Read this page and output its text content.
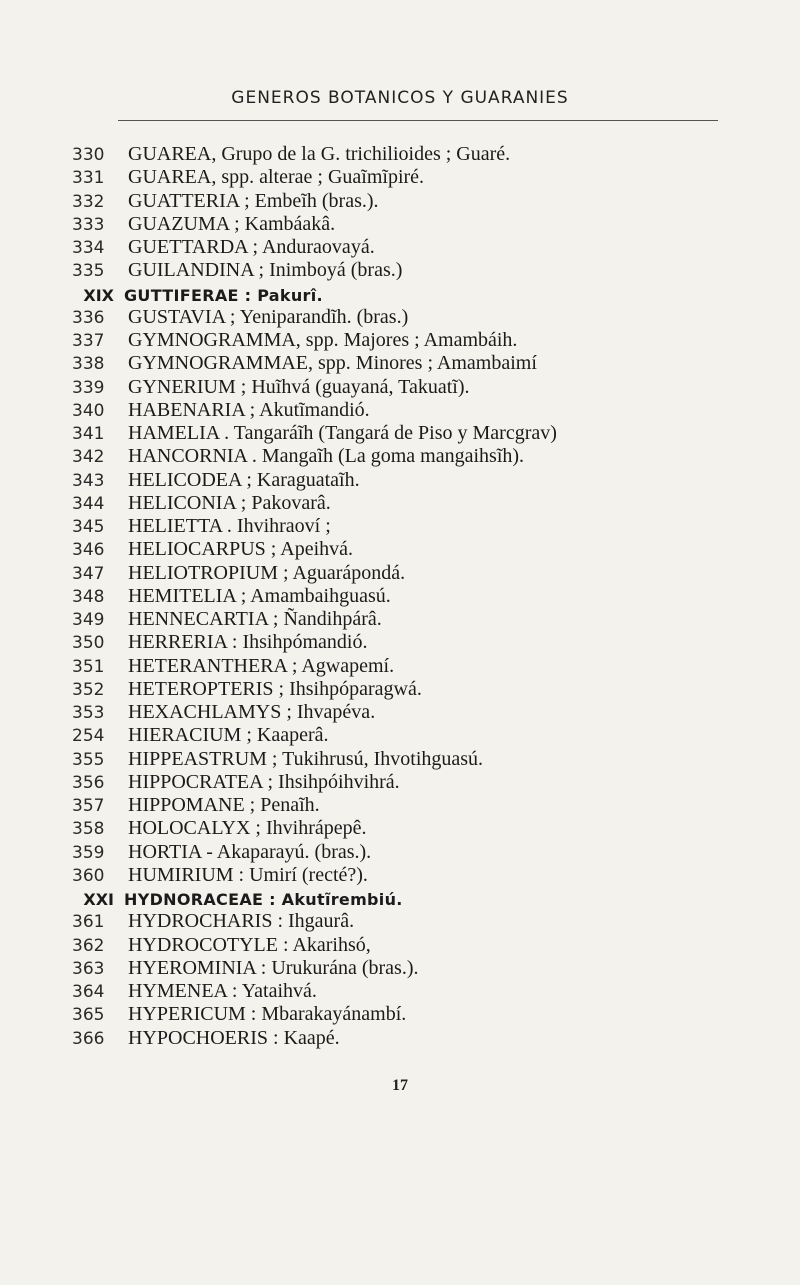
GENEROS BOTANICOS Y GUARANIES
330 GUAREA, Grupo de la G. trichilioides ; Guaré.
331 GUAREA, spp. alterae ; Guaĩmĩpiré.
332 GUATTERIA ; Embeĩh (bras.).
333 GUAZUMA ; Kambáakâ.
334 GUETTARDA ; Anduraovayá.
335 GUILANDINA ; Inimboyá (bras.)
XIX GUTTIFERAE : Pakurî.
336 GUSTAVIA ; Yeniparandĩh. (bras.)
337 GYMNOGRAMMA, spp. Majores ; Amambáih.
338 GYMNOGRAMMAE, spp. Minores ; Amambaimí
339 GYNERIUM ; Huĩhvá (guayaná, Takuatĩ).
340 HABENARIA ; Akutĩmandió.
341 HAMELIA . Tangaráĩh (Tangará de Piso y Marcgrav)
342 HANCORNIA . Mangaĩh (La goma mangaihsĩh).
343 HELICODEA ; Karaguataĩh.
344 HELICONIA ; Pakovarâ.
345 HELIETTA . Ihvihraoví ;
346 HELIOCARPUS ; Apeihvá.
347 HELIOTROPIUM ; Aguarápondá.
348 HEMITELIA ; Amambaihguasú.
349 HENNECARTIA ; Ñandihpárâ.
350 HERRERIA : Ihsihpómandió.
351 HETERANTHERA ; Agwapemí.
352 HETEROPTERIS ; Ihsihpóparagwá.
353 HEXACHLAMYS ; Ihvapéva.
254 HIERACIUM ; Kaaperâ.
355 HIPPEASTRUM ; Tukihrusú, Ihvotihguasú.
356 HIPPOCRATEA ; Ihsihpóihvihrá.
357 HIPPOMANE ; Penaĩh.
358 HOLOCALYX ; Ihvihrápepê.
359 HORTIA - Akaparayú. (bras.).
360 HUMIRIUM : Umirí (recté?).
XXI HYDNORACEAE : Akutĩrembiú.
361 HYDROCHARIS : Ihgaurâ.
362 HYDROCOTYLE : Akarihsó,
363 HYEROMINIA : Urukurána (bras.).
364 HYMENEA : Yataihvá.
365 HYPERICUM : Mbarakayánambí.
366 HYPOCHOERIS : Kaapé.
17
